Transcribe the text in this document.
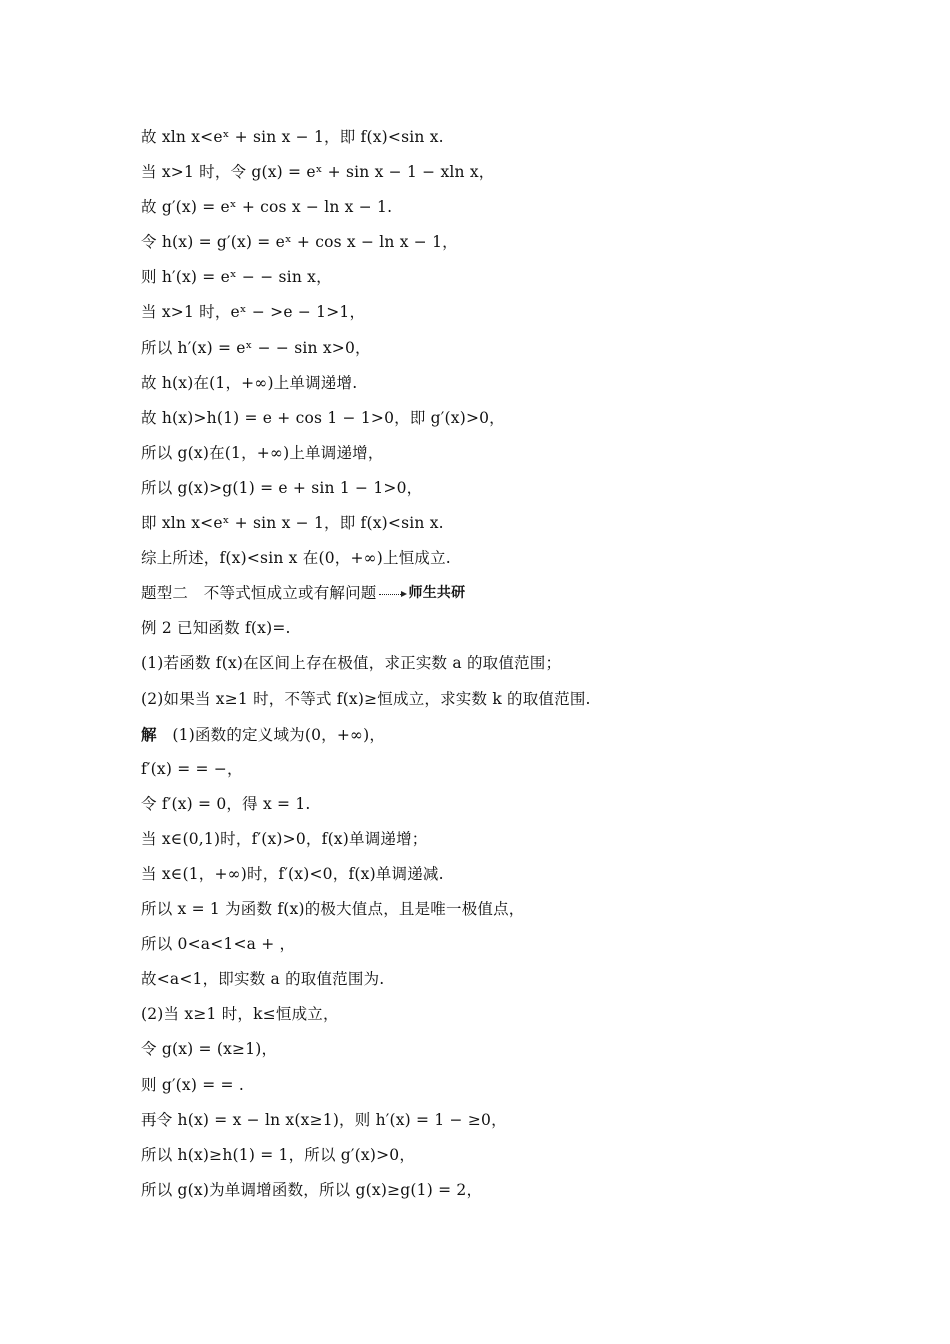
故 xln x<eˣ + sin x − 1，即 f(x)<sin x.
当 x>1 时，令 g(x) = eˣ + sin x − 1 − xln x，
故 g′(x) = eˣ + cos x − ln x − 1.
令 h(x) = g′(x) = eˣ + cos x − ln x − 1，
则 h′(x) = eˣ − − sin x，
当 x>1 时，eˣ − >e − 1>1，
所以 h′(x) = eˣ − − sin x>0，
故 h(x)在(1，+∞)上单调递增.
故 h(x)>h(1) = e + cos 1 − 1>0，即 g′(x)>0，
所以 g(x)在(1，+∞)上单调递增，
所以 g(x)>g(1) = e + sin 1 − 1>0，
即 xln x<eˣ + sin x − 1，即 f(x)<sin x.
综上所述，f(x)<sin x 在(0，+∞)上恒成立.
题型二　不等式恒成立或有解问题 师生共研
例 2 已知函数 f(x)=.
(1)若函数 f(x)在区间上存在极值，求正实数 a 的取值范围；
(2)如果当 x≥1 时，不等式 f(x)≥恒成立，求实数 k 的取值范围.
解　 (1)函数的定义域为(0，+∞)，
f′(x) = = −，
令 f′(x) = 0，得 x = 1.
当 x∈(0,1)时，f′(x)>0，f(x)单调递增；
当 x∈(1，+∞)时，f′(x)<0，f(x)单调递减.
所以 x = 1 为函数 f(x)的极大值点，且是唯一极值点，
所以 0<a<1<a + ，
故<a<1，即实数 a 的取值范围为.
(2)当 x≥1 时，k≤恒成立，
令 g(x) = (x≥1)，
则 g′(x) = = .
再令 h(x) = x − ln x(x≥1)，则 h′(x) = 1 − ≥0，
所以 h(x)≥h(1) = 1，所以 g′(x)>0，
所以 g(x)为单调增函数，所以 g(x)≥g(1) = 2，
